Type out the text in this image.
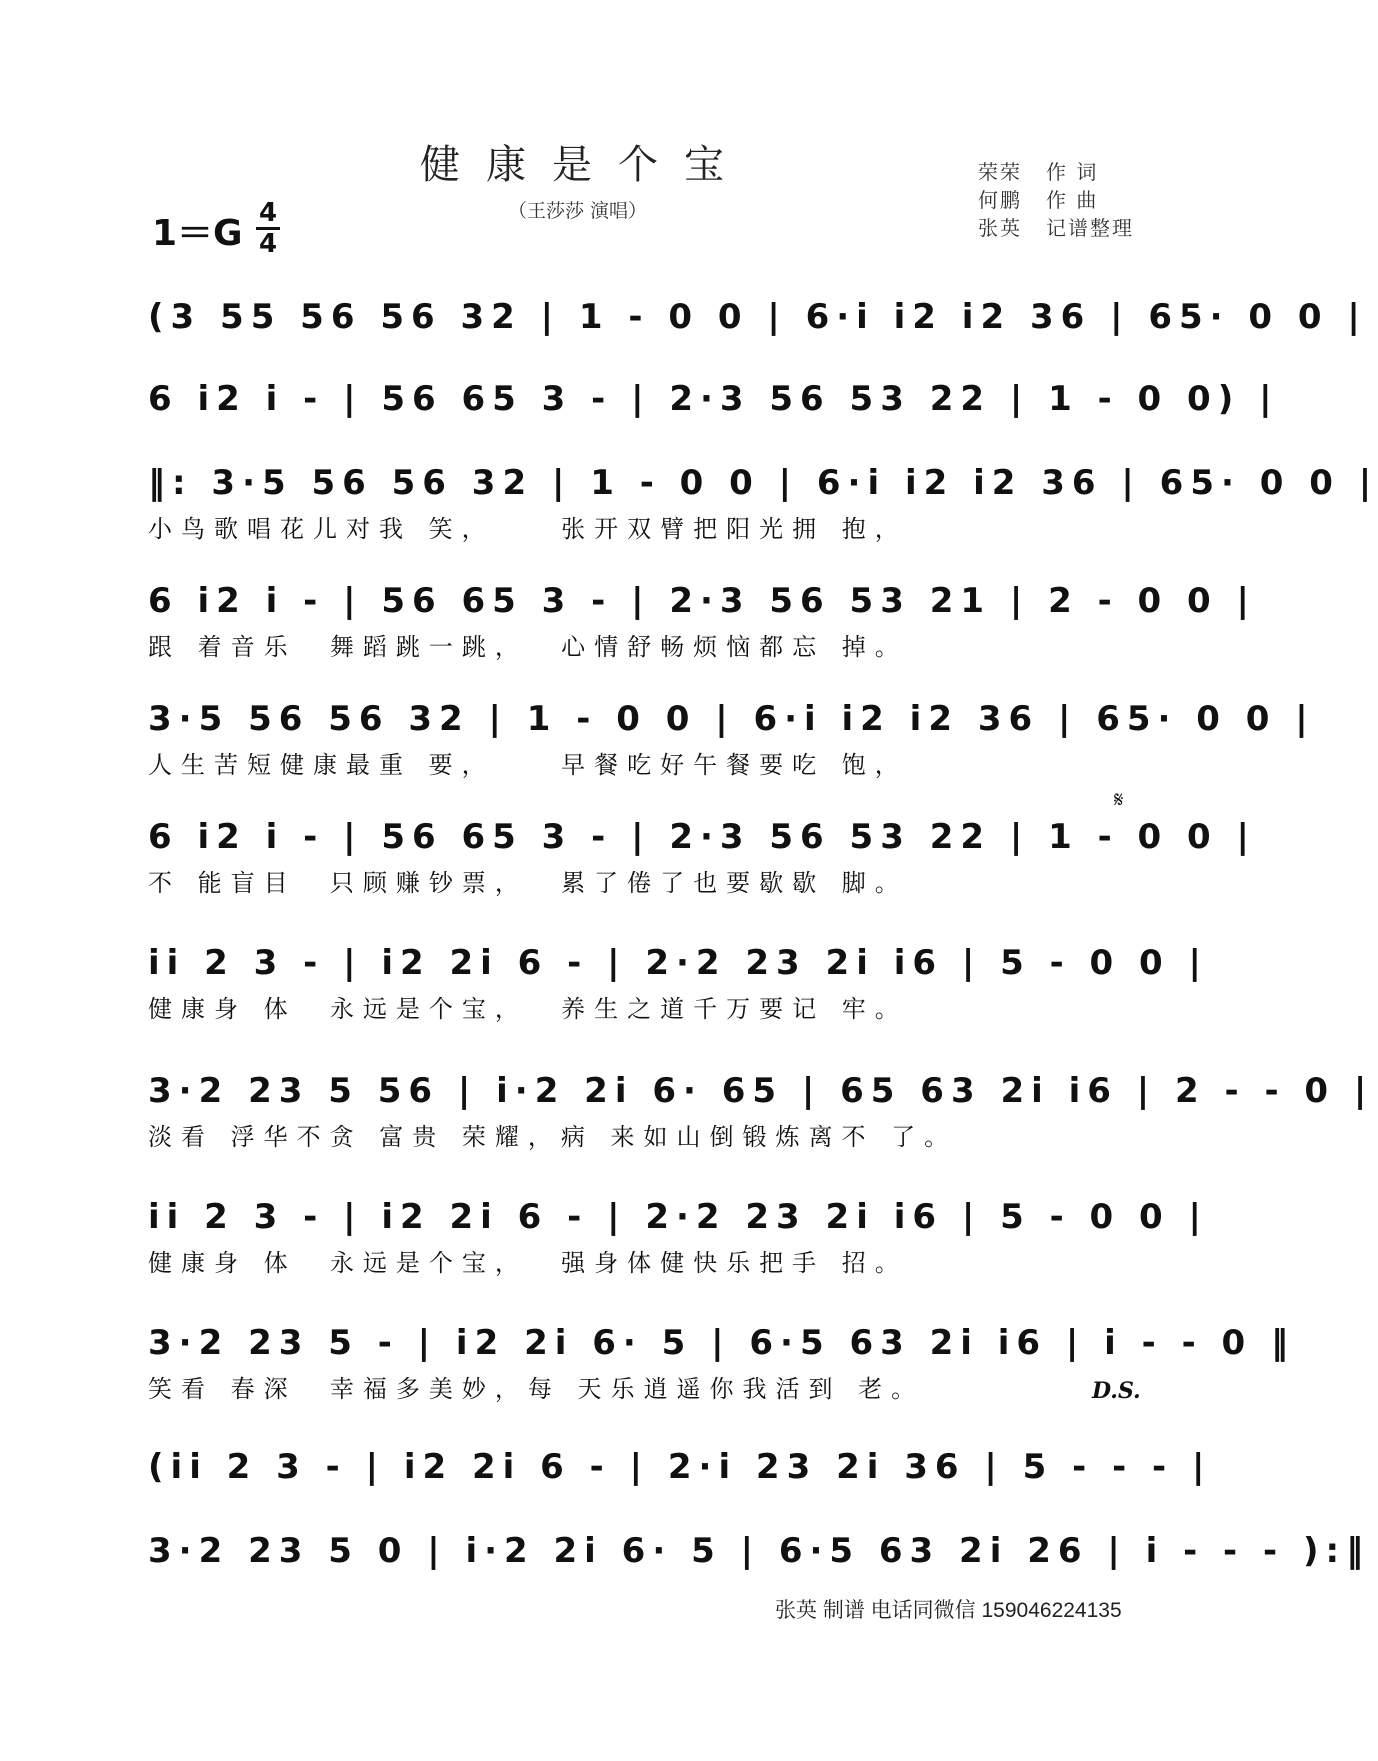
健康是个宝
（王莎莎 演唱）
荣荣	作 词
何鹏	作 曲
张英	记谱整理
1＝G 4
4
(3 55 56 56 32 | 1 - 0 0 | 6·i i2 i2 36 | 65· 0 0 |
6 i2 i - | 56 65 3 - | 2·3 56 53 22 | 1 - 0 0) |
‖: 3·5 56 56 32 | 1 - 0 0 | 6·i i2 i2 36 | 65· 0 0 |
小鸟歌唱花儿对我 笑，    张开双臂把阳光拥 抱，
6 i2 i - | 56 65 3 - | 2·3 56 53 21 | 2 - 0 0 |
跟 着音乐  舞蹈跳一跳，  心情舒畅烦恼都忘 掉。
3·5 56 56 32 | 1 - 0 0 | 6·i i2 i2 36 | 65· 0 0 |
人生苦短健康最重 要，    早餐吃好午餐要吃 饱，
6 i2 i - | 56 65 3 - | 2·3 56 53 22 | 1 - 0 0 |
不 能盲目  只顾赚钞票，  累了倦了也要歇歇 脚。
ii 2 3 - | i2 2i 6 - | 2·2 23 2i i6 | 5 - 0 0 |
健康身 体  永远是个宝，  养生之道千万要记 牢。
3·2 23 5 56 | i·2 2i 6· 65 | 65 63 2i i6 | 2 - - 0 |
淡看 浮华不贪 富贵 荣耀，病 来如山倒锻炼离不 了。
ii 2 3 - | i2 2i 6 - | 2·2 23 2i i6 | 5 - 0 0 |
健康身 体  永远是个宝，  强身体健快乐把手 招。
3·2 23 5 - | i2 2i 6· 5 | 6·5 63 2i i6 | i - - 0 ‖
笑看 春深  幸福多美妙，每 天乐逍遥你我活到 老。
(ii 2 3 - | i2 2i 6 - | 2·i 23 2i 36 | 5 - - - |
3·2 23 5 0 | i·2 2i 6· 5 | 6·5 63 2i 26 | i - - - ):‖
𝄋
D.S.
张英 制谱 电话同微信 159046224135
